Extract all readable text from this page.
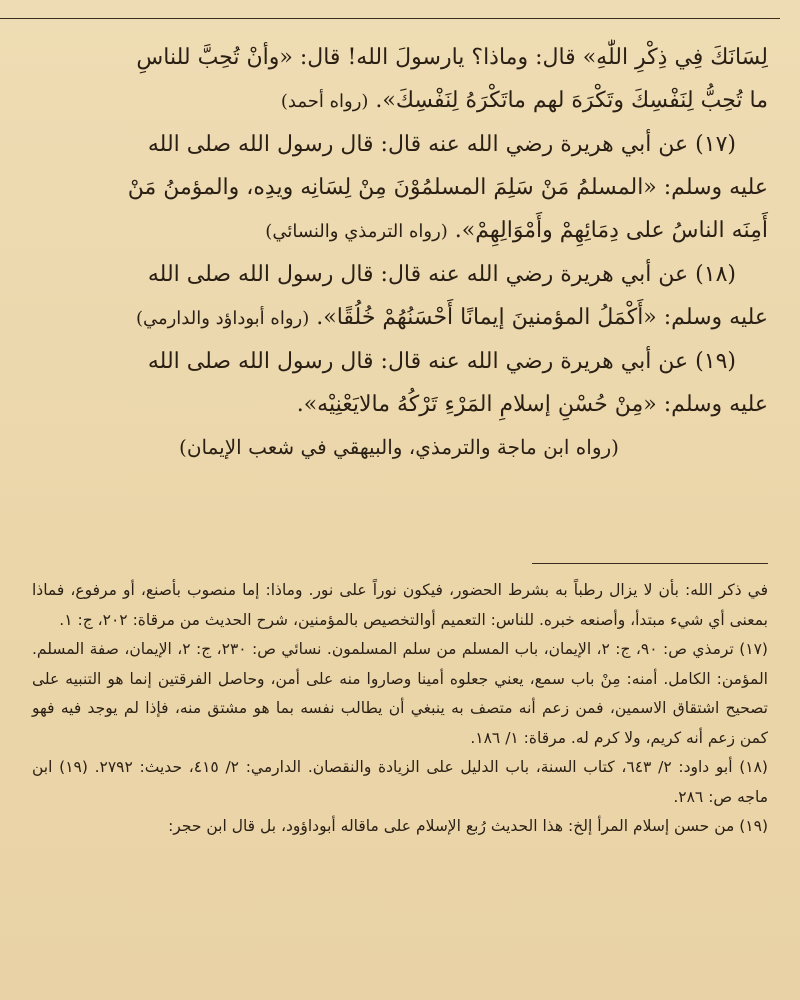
لِسَانَكَ فِي ذِكْرِ اللّٰهِ» قال: وماذا؟ يارسولَ الله! قال: «وأنْ تُحِبَّ للناسِ
ما تُحِبُّ لِنَفْسِكَ وتَكْرَهَ لهم ماتَكْرَهُ لِنَفْسِكَ». (رواه أحمد)

(١٧) عن أبي هريرة رضي الله عنه قال: قال رسول الله صلى الله
عليه وسلم: «المسلمُ مَنْ سَلِمَ المسلمُوْنَ مِنْ لِسَانِه ويدِه، والمؤمنُ مَنْ
أَمِنَه الناسُ على دِمَائِهِمْ وأَمْوَالِهِمْ». (رواه الترمذي والنسائي)

(١٨) عن أبي هريرة رضي الله عنه قال: قال رسول الله صلى الله
عليه وسلم: «أَكْمَلُ المؤمنينَ إيمانًا أَحْسَنُهُمْ خُلُقًا». (رواه أبوداؤد والدارمي)

(١٩) عن أبي هريرة رضي الله عنه قال: قال رسول الله صلى الله
عليه وسلم: «مِنْ حُسْنِ إسلامِ المَرْءِ تَرْكُهُ مالايَعْنِيْه».

(رواه ابن ماجة والترمذي، والبيهقي في شعب الإيمان)

في ذكر الله: بأن لا يزال رطباً به بشرط الحضور، فيكون نوراً على نور. وماذا: إما منصوب بأصنع، أو مرفوع، فماذا بمعنى أي شيء مبتدأ، وأصنعه خبره. للناس: التعميم أوالتخصيص بالمؤمنين، شرح الحديث من مرقاة: ٢٠٢، ج: ١.

(١٧) ترمذي ص: ٩٠، ج: ٢، الإيمان، باب المسلم من سلم المسلمون. نسائي ص: ٢٣٠، ج: ٢، الإيمان، صفة المسلم. المؤمن: الكامل. أمنه: مِنْ باب سمع، يعني جعلوه أمينا وصاروا منه على أمن، وحاصل الفرقتين إنما هو التنبيه على تصحيح اشتقاق الاسمين، فمن زعم أنه متصف به ينبغي أن يطالب نفسه بما هو مشتق منه، فإذا لم يوجد فيه فهو كمن زعم أنه كريم، ولا كرم له. مرقاة: ١/ ١٨٦.

(١٨) أبو داود: ٢/ ٦٤٣، كتاب السنة، باب الدليل على الزيادة والنقصان. الدارمي: ٢/ ٤١٥، حديث: ٢٧٩٢. (١٩) ابن ماجه ص: ٢٨٦.

(١٩) من حسن إسلام المرأ إلخ: هذا الحديث رُبع الإسلام على ماقاله أبوداؤود، بل قال ابن حجر:
